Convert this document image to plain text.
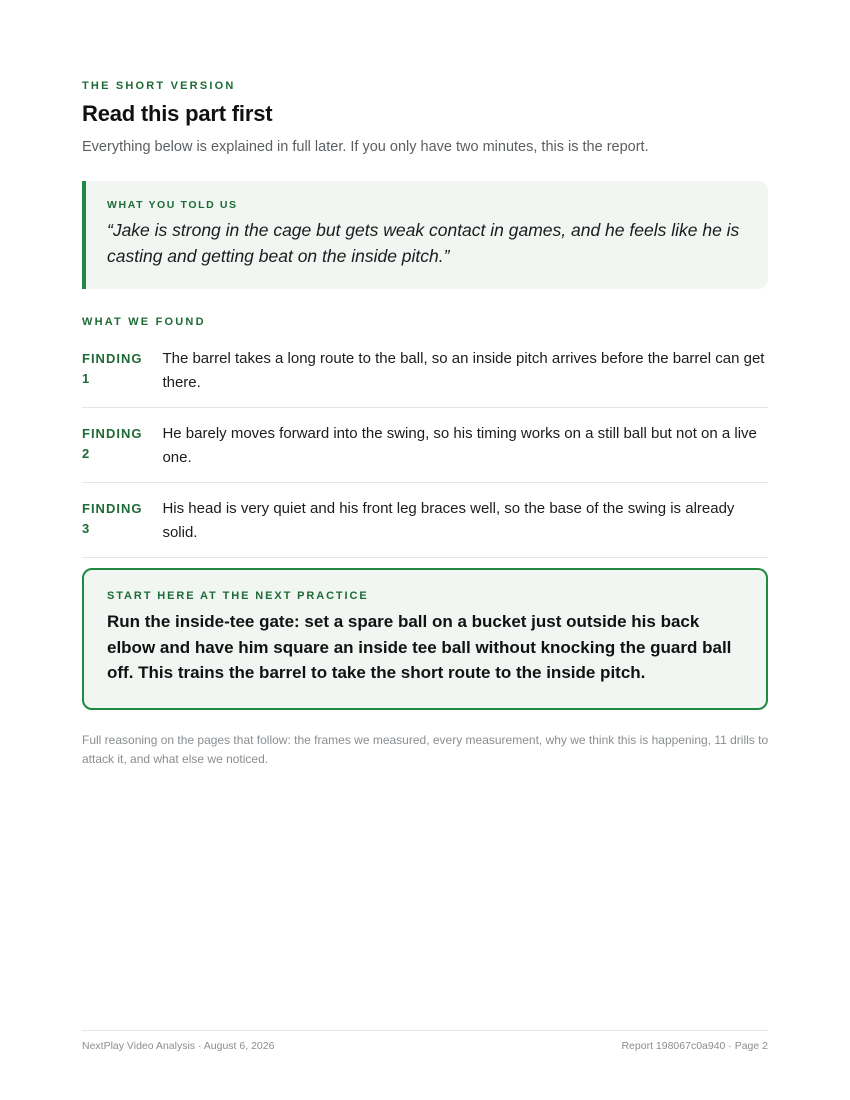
THE SHORT VERSION
Read this part first

Everything below is explained in full later. If you only have two minutes, this is the report.

WHAT YOU TOLD US

“Jake is strong in the cage but gets weak contact in games, and he feels like he is casting and getting beat on the inside pitch.”

WHAT WE FOUND
FINDING
1
The barrel takes a long route to the ball, so an inside pitch arrives before the barrel can get there.
FINDING
2
He barely moves forward into the swing, so his timing works on a still ball but not on a live one.
FINDING
3
His head is very quiet and his front leg braces well, so the base of the swing is already solid.
START HERE AT THE NEXT PRACTICE

Run the inside-tee gate: set a spare ball on a bucket just outside his back elbow and have him square an inside tee ball without knocking the guard ball off. This trains the barrel to take the short route to the inside pitch.

Full reasoning on the pages that follow: the frames we measured, every measurement, why we think this is happening, 11 drills to attack it, and what else we noticed.

NextPlay Video Analysis · August 6, 2026	Report 198067c0a940 · Page 2
